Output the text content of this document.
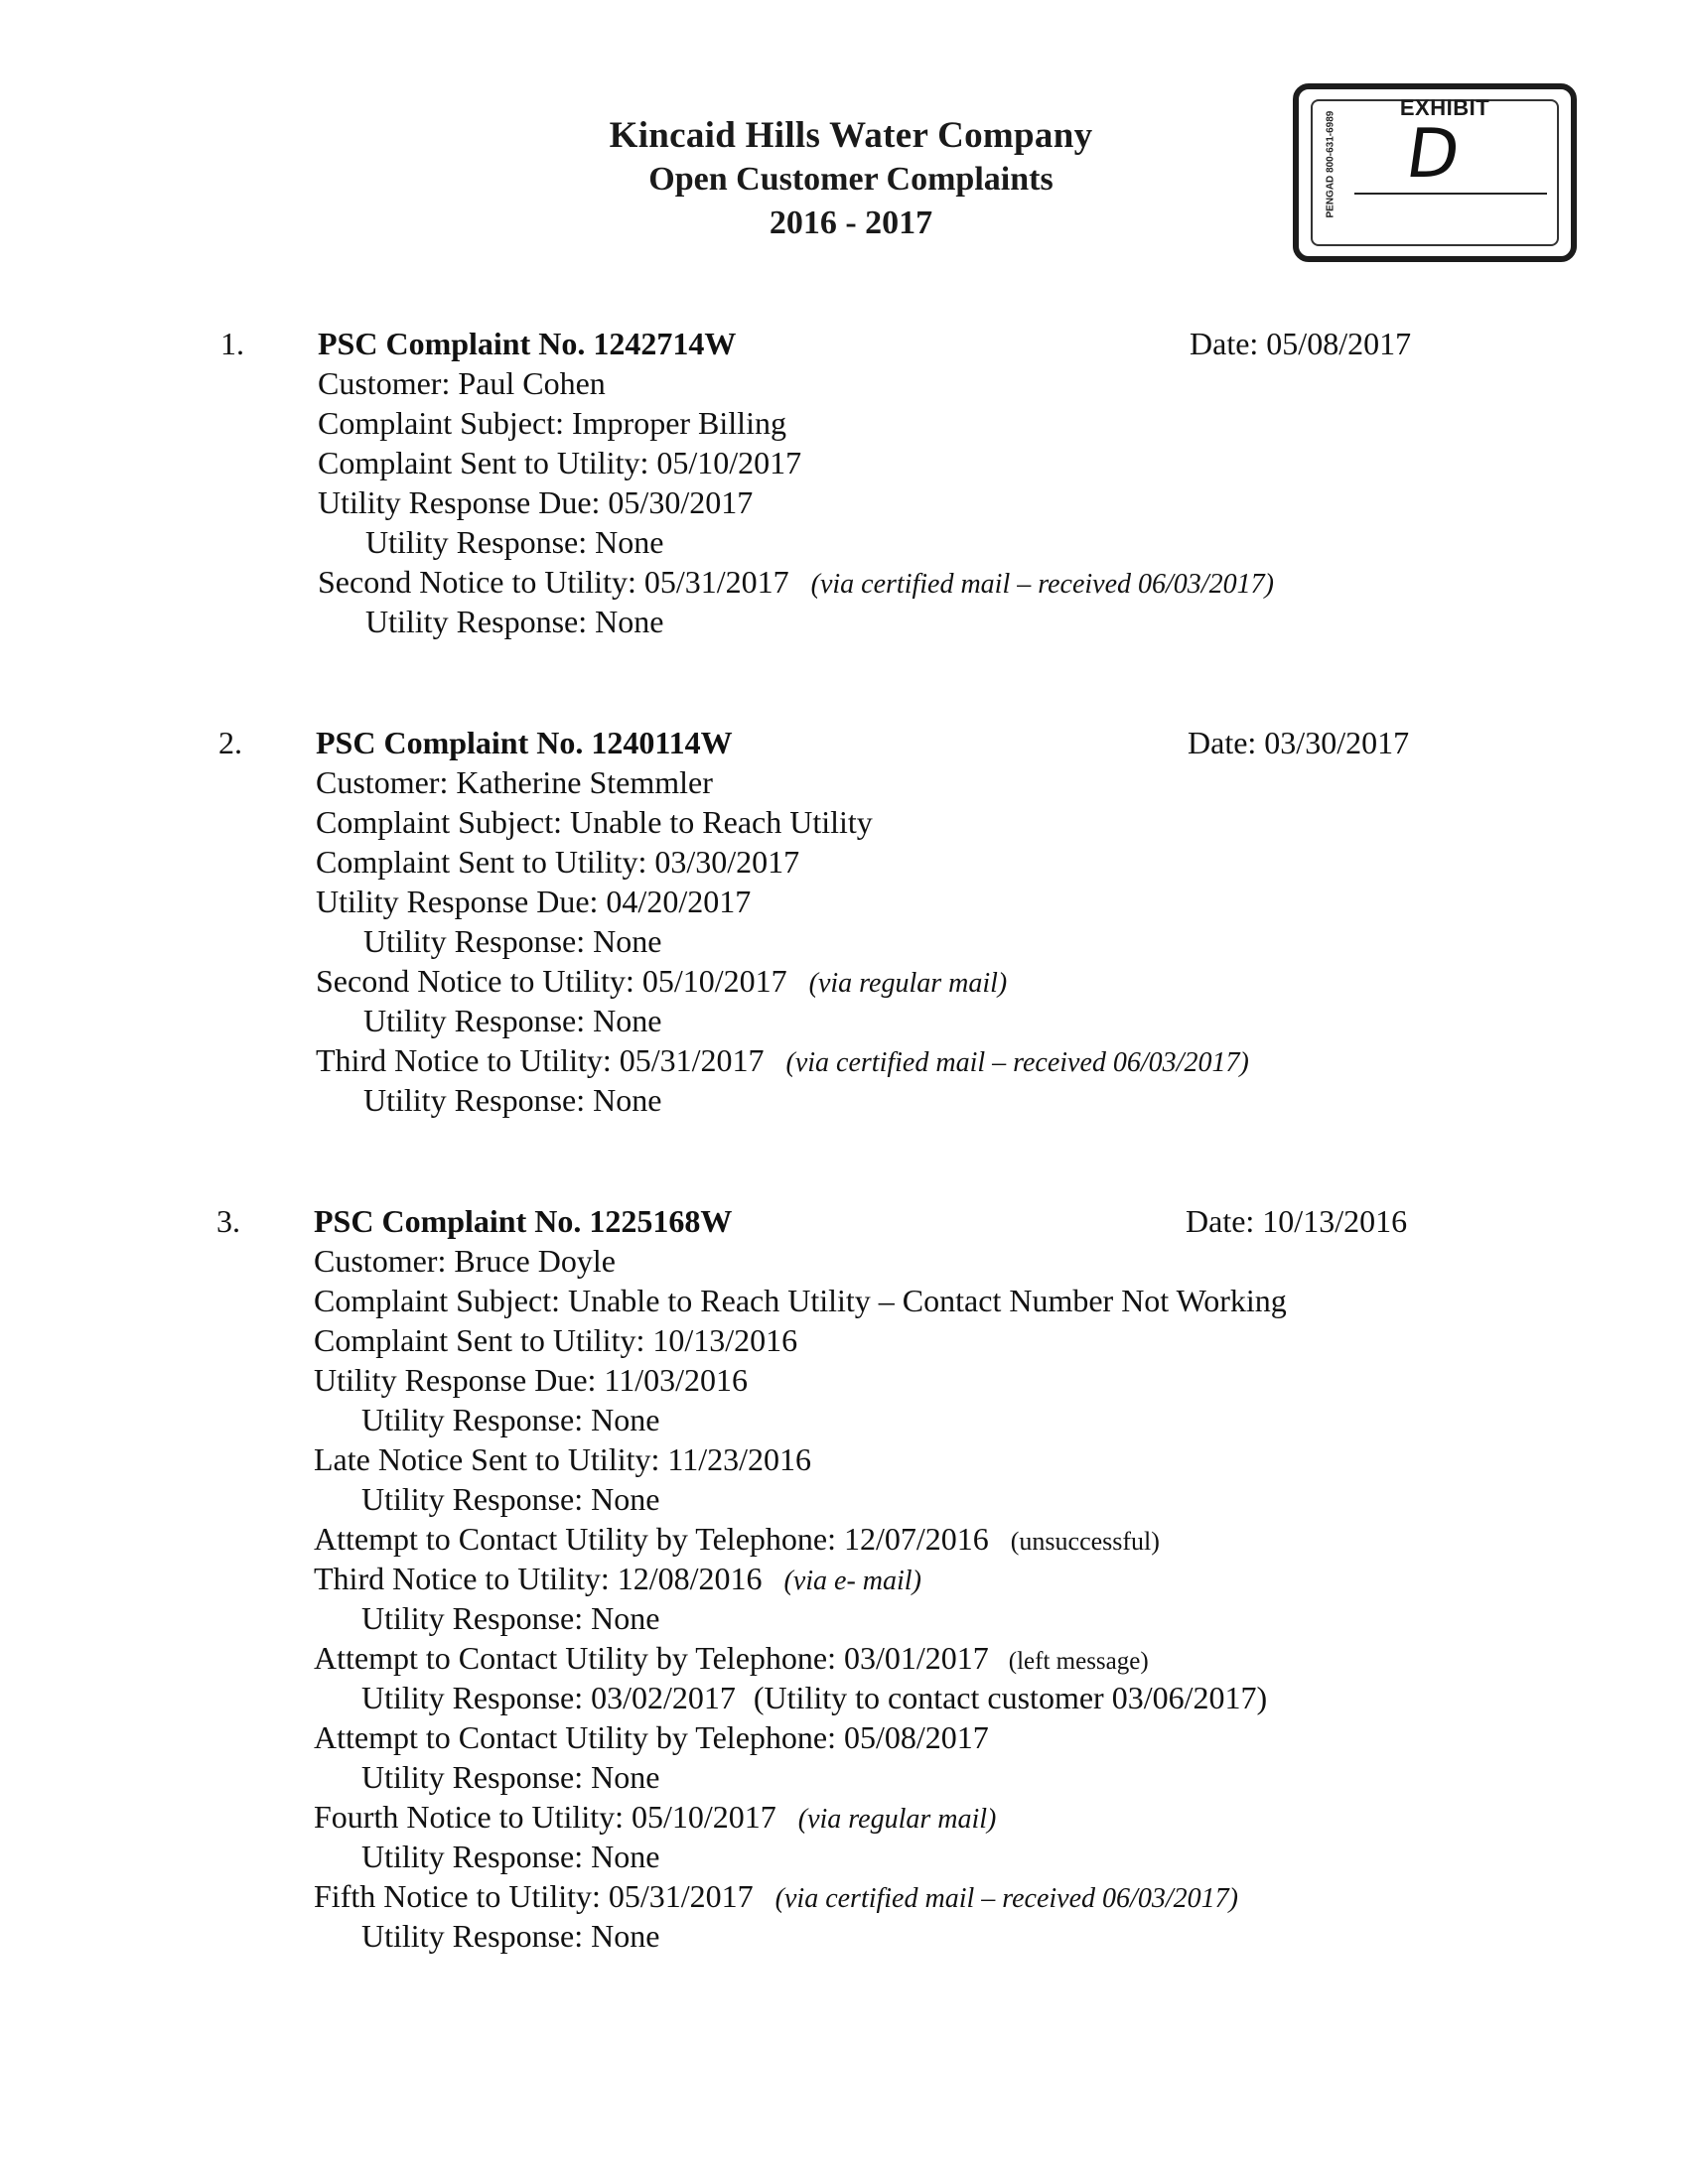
Kincaid Hills Water Company
Open Customer Complaints
2016 - 2017
EXHIBIT
PENGAD 800-631-6989 D
1.	PSC Complaint No. 1242714W	Date: 05/08/2017
Customer: Paul Cohen
Complaint Subject: Improper Billing
Complaint Sent to Utility: 05/10/2017
Utility Response Due: 05/30/2017
Utility Response: None
Second Notice to Utility: 05/31/2017 (via certified mail – received 06/03/2017)
Utility Response: None
2.	PSC Complaint No. 1240114W	Date: 03/30/2017
Customer: Katherine Stemmler
Complaint Subject: Unable to Reach Utility
Complaint Sent to Utility: 03/30/2017
Utility Response Due: 04/20/2017
Utility Response: None
Second Notice to Utility: 05/10/2017 (via regular mail)
Utility Response: None
Third Notice to Utility: 05/31/2017 (via certified mail – received 06/03/2017)
Utility Response: None
3.	PSC Complaint No. 1225168W	Date: 10/13/2016
Customer: Bruce Doyle
Complaint Subject: Unable to Reach Utility – Contact Number Not Working
Complaint Sent to Utility: 10/13/2016
Utility Response Due: 11/03/2016
Utility Response: None
Late Notice Sent to Utility: 11/23/2016
Utility Response: None
Attempt to Contact Utility by Telephone: 12/07/2016 (unsuccessful)
Third Notice to Utility: 12/08/2016 (via e- mail)
Utility Response: None
Attempt to Contact Utility by Telephone: 03/01/2017 (left message)
Utility Response: 03/02/2017 (Utility to contact customer 03/06/2017)
Attempt to Contact Utility by Telephone: 05/08/2017
Utility Response: None
Fourth Notice to Utility: 05/10/2017 (via regular mail)
Utility Response: None
Fifth Notice to Utility: 05/31/2017 (via certified mail – received 06/03/2017)
Utility Response: None
